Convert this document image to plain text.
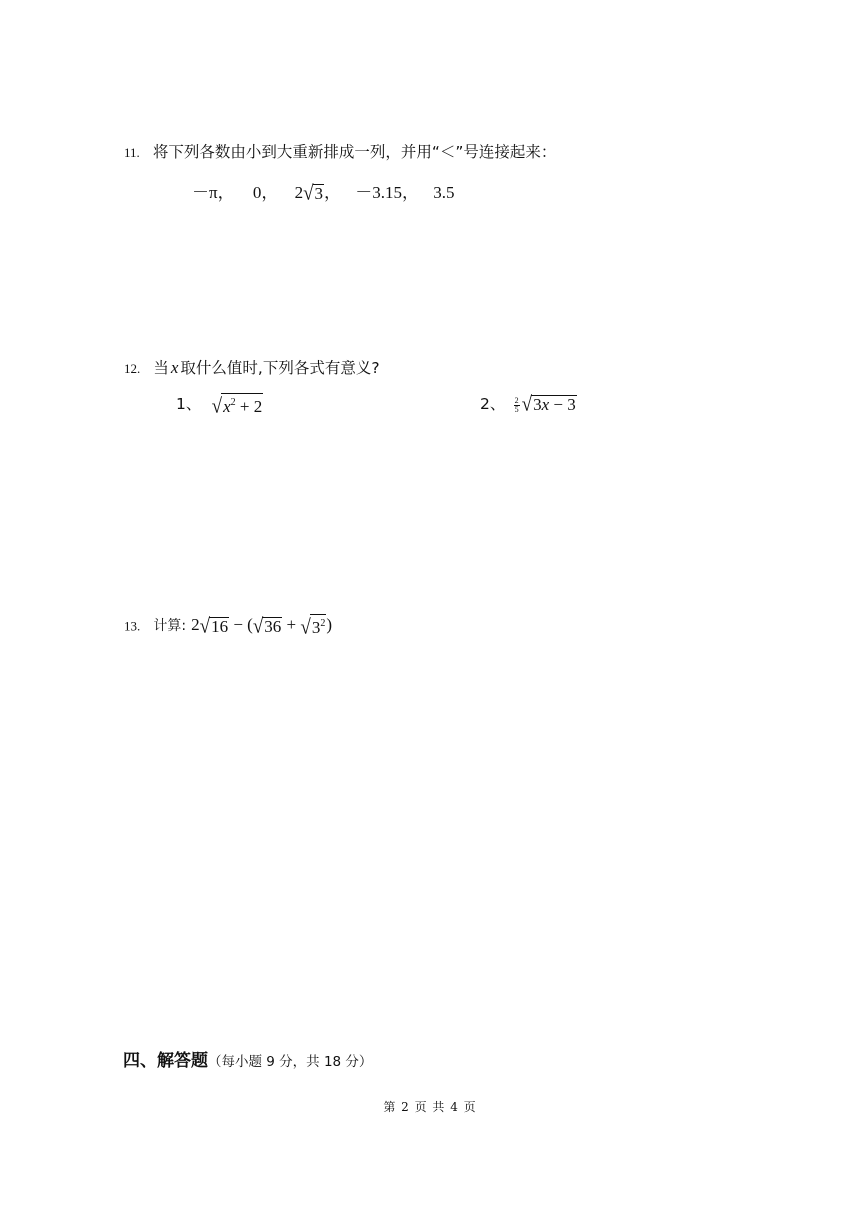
11. 将下列各数由小到大重新排成一列，并用“＜”号连接起来：
－π， 0， 2√3， －3.15， 3.5
12. 当 x 取什么值时,下列各式有意义?
1、 $√x^2 + 2$	2、 $\frac{2}{5} √3x - 3$
13. 计算: $2√16 - (√36 + √3^2)$
四、解答题（每小题 9 分，共 18 分）
第 2 页 共 4 页
